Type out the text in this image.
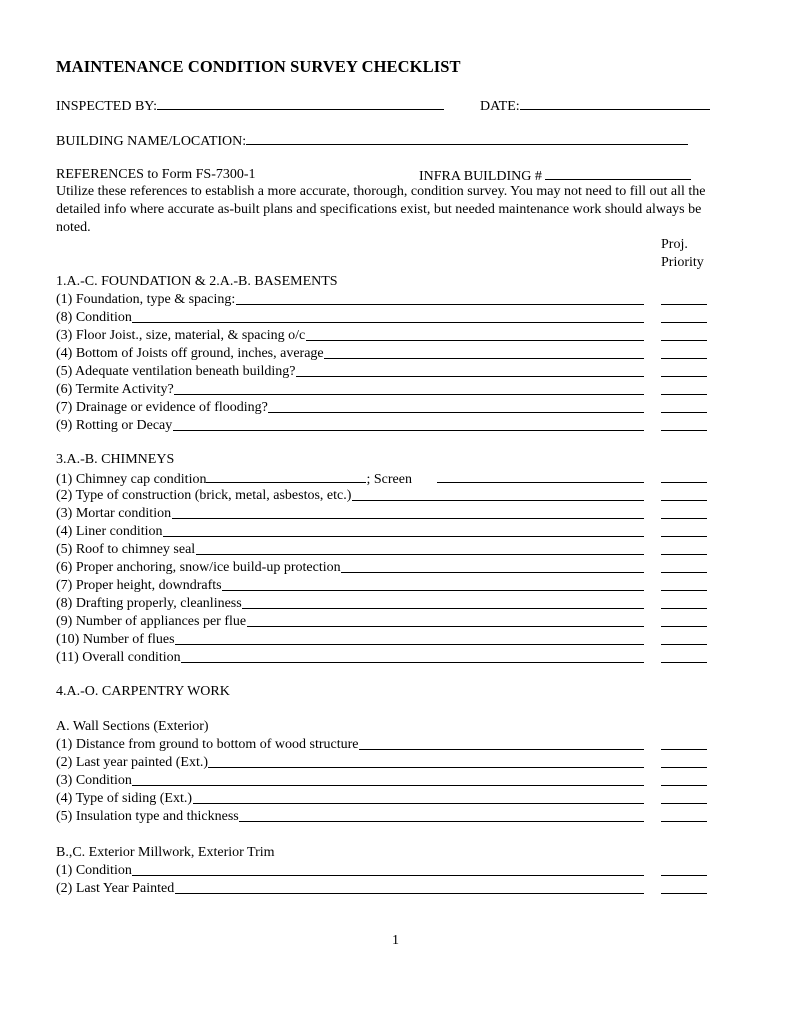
MAINTENANCE CONDITION SURVEY CHECKLIST
INSPECTED BY:	DATE:
BUILDING NAME/LOCATION:
REFERENCES to Form FS-7300-1	INFRA BUILDING #
Utilize these references to establish a more accurate, thorough, condition survey. You may not need to fill out all the detailed info where accurate as-built plans and specifications exist, but needed maintenance work should always be noted.
Proj.
Priority
1.A.-C. FOUNDATION & 2.A.-B. BASEMENTS
(1) Foundation, type & spacing:
(8) Condition
(3) Floor Joist., size, material, & spacing o/c
(4) Bottom of Joists off ground, inches, average
(5) Adequate ventilation beneath building?
(6) Termite Activity?
(7) Drainage or evidence of flooding?
(9) Rotting or Decay
3.A.-B. CHIMNEYS
(1) Chimney cap condition	; Screen
(2) Type of construction (brick, metal, asbestos, etc.)
(3) Mortar condition
(4) Liner condition
(5) Roof to chimney seal
(6) Proper anchoring, snow/ice build-up protection
(7) Proper height, downdrafts
(8) Drafting properly, cleanliness
(9) Number of appliances per flue
(10) Number of flues
(11) Overall condition
4.A.-O. CARPENTRY WORK
A. Wall Sections (Exterior)
(1) Distance from ground to bottom of wood structure
(2) Last year painted (Ext.)
(3) Condition
(4) Type of siding (Ext.)
(5) Insulation type and thickness
B.,C. Exterior Millwork, Exterior Trim
(1) Condition
(2) Last Year Painted
1
